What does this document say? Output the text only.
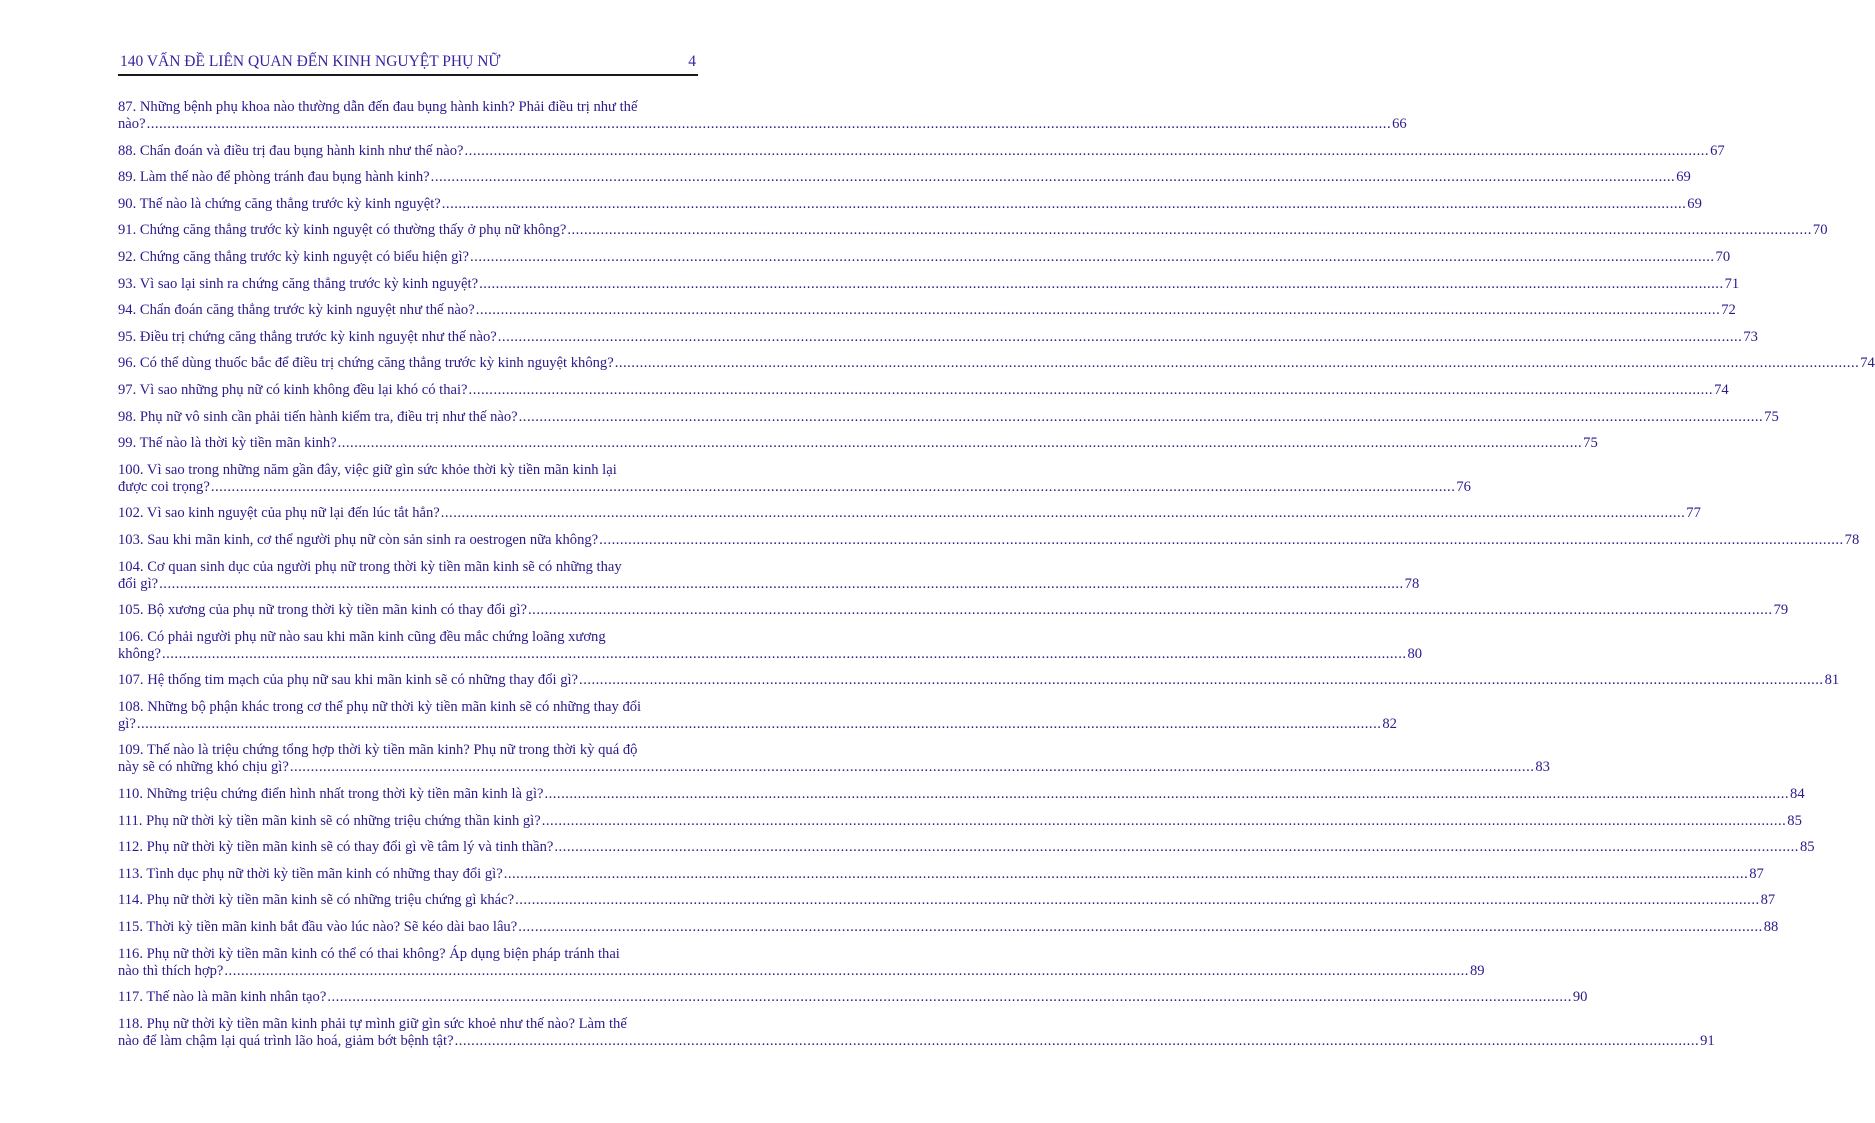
140 VẤN ĐỀ LIÊN QUAN ĐẾN KINH NGUYỆT PHỤ NỮ	4
87. Những bệnh phụ khoa nào thường dẫn đến đau bụng hành kinh? Phải điều trị như thế
nào? ............................................................................................................................................................................................................................................................................................................ 66
88. Chẩn đoán và điều trị đau bụng hành kinh như thế nào? ............................................................................................................................................................................................................................................................................................................ 67
89. Làm thế nào để phòng tránh đau bụng hành kinh? ............................................................................................................................................................................................................................................................................................................ 69
90. Thế nào là chứng căng thẳng trước kỳ kinh nguyệt? ............................................................................................................................................................................................................................................................................................................ 69
91. Chứng căng thẳng trước kỳ kinh nguyệt có thường thấy ở phụ nữ không? ............................................................................................................................................................................................................................................................................................................ 70
92. Chứng căng thẳng trước kỳ kinh nguyệt có biểu hiện gì? ............................................................................................................................................................................................................................................................................................................ 70
93. Vì sao lại sinh ra chứng căng thẳng trước kỳ kinh nguyệt? ............................................................................................................................................................................................................................................................................................................ 71
94. Chẩn đoán căng thẳng trước kỳ kinh nguyệt như thế nào? ............................................................................................................................................................................................................................................................................................................ 72
95. Điều trị chứng căng thẳng trước kỳ kinh nguyệt như thế nào? ............................................................................................................................................................................................................................................................................................................ 73
96. Có thể dùng thuốc bắc để điều trị chứng căng thẳng trước kỳ kinh nguyệt không? ............................................................................................................................................................................................................................................................................................................ 74
97. Vì sao những phụ nữ có kinh không đều lại khó có thai? ............................................................................................................................................................................................................................................................................................................ 74
98. Phụ nữ vô sinh cần phải tiến hành kiểm tra, điều trị như thế nào? ............................................................................................................................................................................................................................................................................................................ 75
99. Thế nào là thời kỳ tiền mãn kinh? ............................................................................................................................................................................................................................................................................................................ 75
100. Vì sao trong những năm gần đây, việc giữ gìn sức khỏe thời kỳ tiền mãn kinh lại
được coi trọng? ............................................................................................................................................................................................................................................................................................................ 76
102. Vì sao kinh nguyệt của phụ nữ lại đến lúc tắt hẳn? ............................................................................................................................................................................................................................................................................................................ 77
103. Sau khi mãn kinh, cơ thể người phụ nữ còn sản sinh ra oestrogen nữa không? ............................................................................................................................................................................................................................................................................................................ 78
104. Cơ quan sinh dục của người phụ nữ trong thời kỳ tiền mãn kinh sẽ có những thay
đổi gì? ............................................................................................................................................................................................................................................................................................................ 78
105. Bộ xương của phụ nữ trong thời kỳ tiền mãn kinh có thay đổi gì? ............................................................................................................................................................................................................................................................................................................ 79
106. Có phải người phụ nữ nào sau khi mãn kinh cũng đều mắc chứng loãng xương
không? ............................................................................................................................................................................................................................................................................................................ 80
107. Hệ thống tim mạch của phụ nữ sau khi mãn kinh sẽ có những thay đổi gì? ............................................................................................................................................................................................................................................................................................................ 81
108. Những bộ phận khác trong cơ thể phụ nữ thời kỳ tiền mãn kinh sẽ có những thay đổi
gì? ............................................................................................................................................................................................................................................................................................................ 82
109. Thế nào là triệu chứng tổng hợp thời kỳ tiền mãn kinh? Phụ nữ trong thời kỳ quá độ
này sẽ có những khó chịu gì? ............................................................................................................................................................................................................................................................................................................ 83
110. Những triệu chứng điển hình nhất trong thời kỳ tiền mãn kinh là gì? ............................................................................................................................................................................................................................................................................................................ 84
111. Phụ nữ thời kỳ tiền mãn kinh sẽ có những triệu chứng thần kinh gì? ............................................................................................................................................................................................................................................................................................................ 85
112. Phụ nữ thời kỳ tiền mãn kinh sẽ có thay đổi gì về tâm lý và tinh thần? ............................................................................................................................................................................................................................................................................................................ 85
113. Tình dục phụ nữ thời kỳ tiền mãn kinh có những thay đổi gì? ............................................................................................................................................................................................................................................................................................................ 87
114. Phụ nữ thời kỳ tiền mãn kinh sẽ có những triệu chứng gì khác? ............................................................................................................................................................................................................................................................................................................ 87
115. Thời kỳ tiền mãn kinh bắt đầu vào lúc nào? Sẽ kéo dài bao lâu? ............................................................................................................................................................................................................................................................................................................ 88
116. Phụ nữ thời kỳ tiền mãn kinh có thể có thai không? Áp dụng biện pháp tránh thai
nào thì thích hợp? ............................................................................................................................................................................................................................................................................................................ 89
117. Thế nào là mãn kinh nhân tạo? ............................................................................................................................................................................................................................................................................................................ 90
118. Phụ nữ thời kỳ tiền mãn kinh phải tự mình giữ gìn sức khoẻ như thế nào? Làm thế
nào để làm chậm lại quá trình lão hoá, giảm bớt bệnh tật? ............................................................................................................................................................................................................................................................................................................ 91
